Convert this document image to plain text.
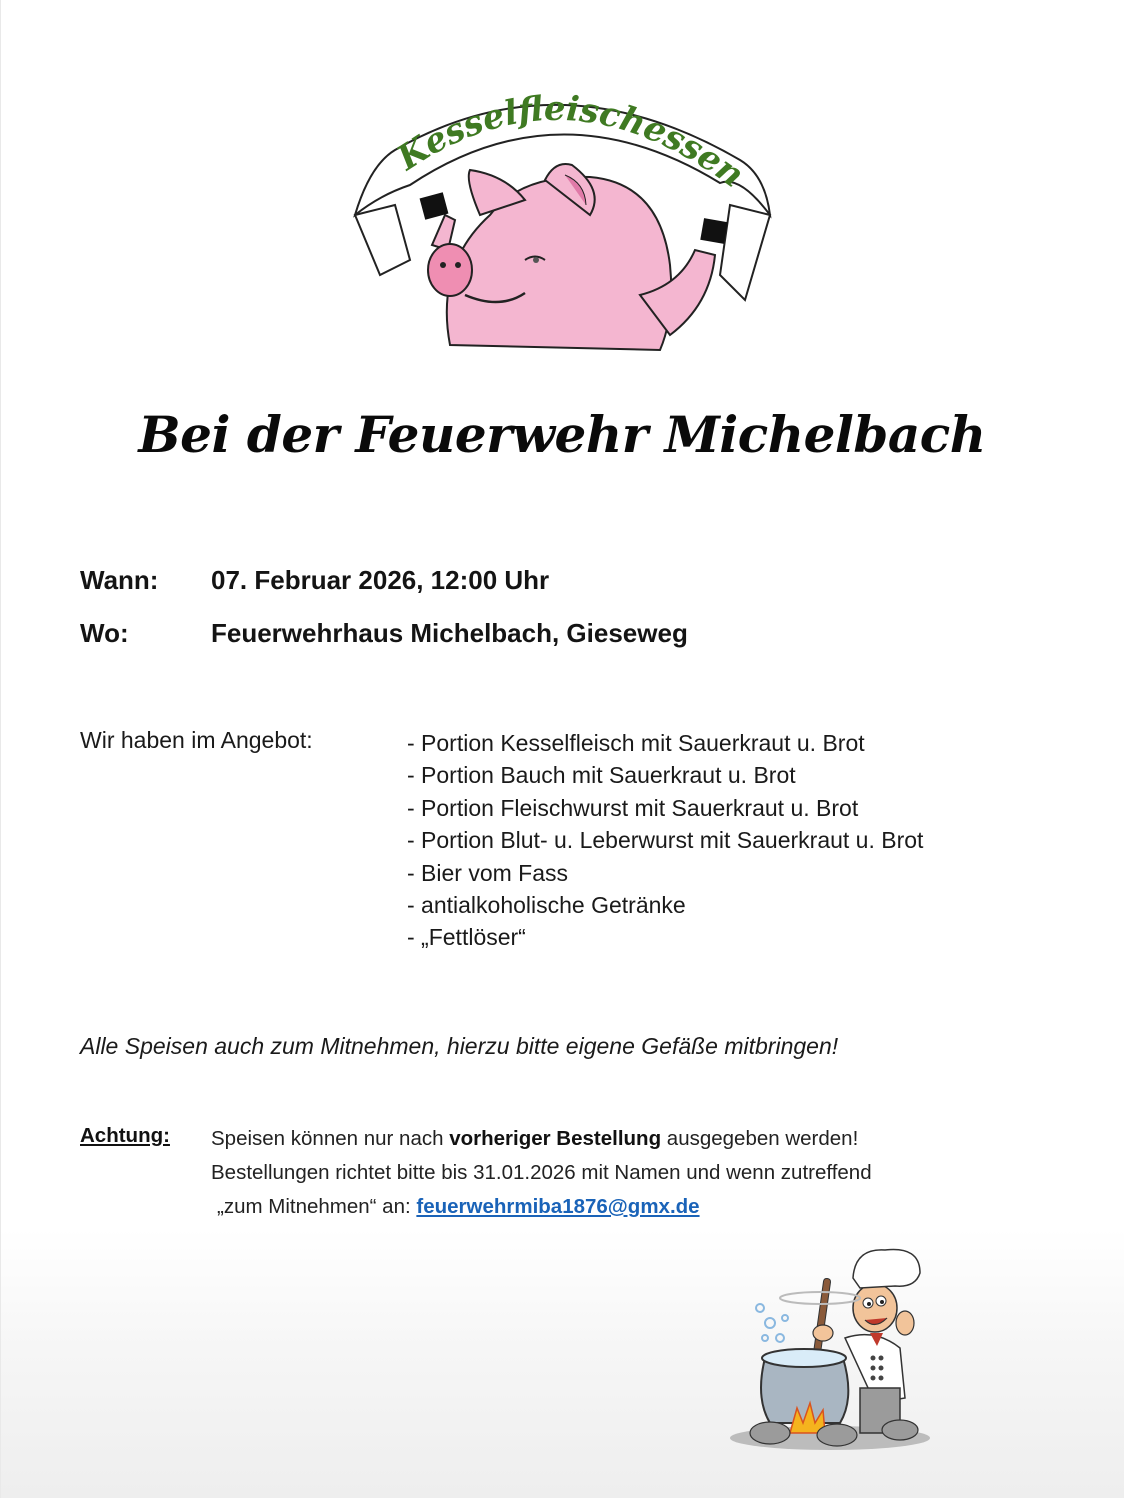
Kesselfleischessen
Bei der Feuerwehr Michelbach
Wann: 07. Februar 2026, 12:00 Uhr
Wo:	Feuerwehrhaus Michelbach, Gieseweg
Wir haben im Angebot:	- Portion Kesselfleisch mit Sauerkraut u. Brot
- Portion Bauch mit Sauerkraut u. Brot
- Portion Fleischwurst mit Sauerkraut u. Brot
- Portion Blut- u. Leberwurst mit Sauerkraut u. Brot
- Bier vom Fass
- antialkoholische Getränke
- „Fettlöser“
Alle Speisen auch zum Mitnehmen, hierzu bitte eigene Gefäße mitbringen!
Achtung: Speisen können nur nach vorheriger Bestellung ausgegeben werden!
Bestellungen richtet bitte bis 31.01.2026 mit Namen und wenn zutreffend
„zum Mitnehmen“ an: feuerwehrmiba1876@gmx.de
